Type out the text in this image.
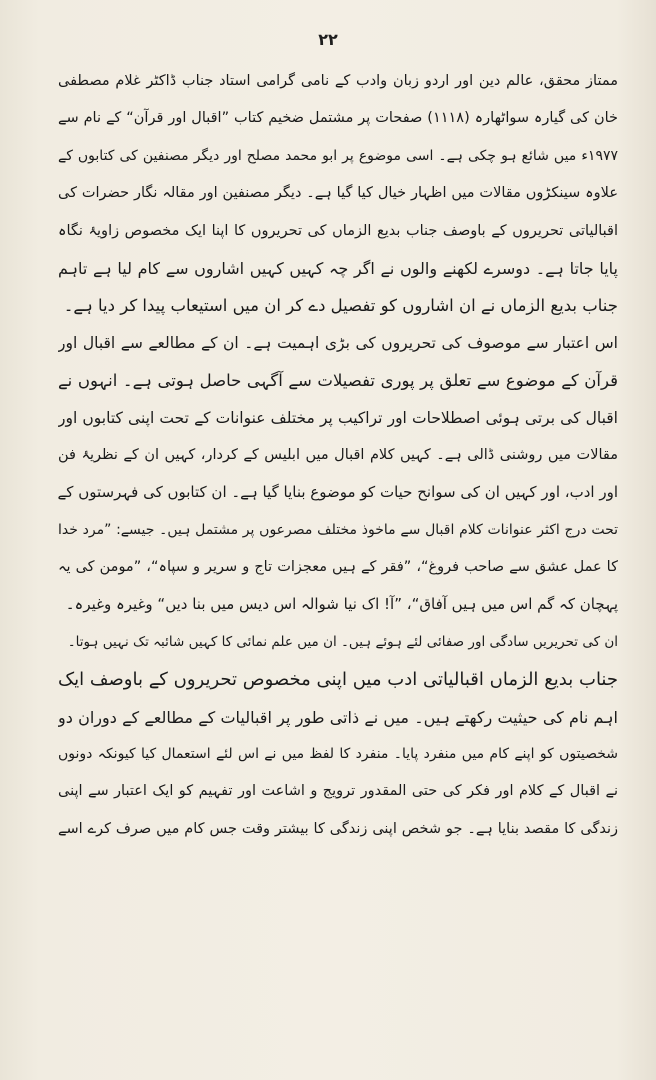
۲۲
ممتاز محقق، عالم دین اور اردو زبان وادب کے نامی گرامی استاد جناب ڈاکٹر غلام مصطفی
خان کی گیارہ سواٹھارہ (۱۱۱۸) صفحات پر مشتمل ضخیم کتاب ”اقبال اور قرآن“ کے نام سے
۱۹۷۷ء میں شائع ہو چکی ہے۔ اسی موضوع پر ابو محمد مصلح اور دیگر مصنفین کی کتابوں کے
علاوہ سینکڑوں مقالات میں اظہار خیال کیا گیا ہے۔ دیگر مصنفین اور مقالہ نگار حضرات کی
اقبالیاتی تحریروں کے باوصف جناب بدیع الزماں کی تحریروں کا اپنا ایک مخصوص زاویۂ نگاہ
پایا جاتا ہے۔ دوسرے لکھنے والوں نے اگر چہ کہیں کہیں اشاروں سے کام لیا ہے تاہم
جناب بدیع الزماں نے ان اشاروں کو تفصیل دے کر ان میں استیعاب پیدا کر دیا ہے۔
اس اعتبار سے موصوف کی تحریروں کی بڑی اہمیت ہے۔ ان کے مطالعے سے اقبال اور
قرآن کے موضوع سے تعلق پر پوری تفصیلات سے آگہی حاصل ہوتی ہے۔ انہوں نے
اقبال کی برتی ہوئی اصطلاحات اور تراکیب پر مختلف عنوانات کے تحت اپنی کتابوں اور
مقالات میں روشنی ڈالی ہے۔ کہیں کلام اقبال میں ابلیس کے کردار، کہیں ان کے نظریۂ فن
اور ادب، اور کہیں ان کی سوانح حیات کو موضوع بنایا گیا ہے۔ ان کتابوں کی فہرستوں کے
تحت درج اکثر عنوانات کلام اقبال سے ماخوذ مختلف مصرعوں پر مشتمل ہیں۔ جیسے: ”مرد خدا
کا عمل عشق سے صاحب فروغ“، ”فقر کے ہیں معجزات تاج و سریر و سپاہ“، ”مومن کی یہ
پہچان کہ گم اس میں ہیں آفاق“، ”آ! اک نیا شوالہ اس دیس میں بنا دیں“ وغیرہ وغیرہ۔
ان کی تحریریں سادگی اور صفائی لئے ہوئے ہیں۔ ان میں علم نمائی کا کہیں شائبہ تک نہیں ہوتا۔
جناب بدیع الزماں اقبالیاتی ادب میں اپنی مخصوص تحریروں کے باوصف ایک
اہم نام کی حیثیت رکھتے ہیں۔ میں نے ذاتی طور پر اقبالیات کے مطالعے کے دوران دو
شخصیتوں کو اپنے کام میں منفرد پایا۔ منفرد کا لفظ میں نے اس لئے استعمال کیا کیونکہ دونوں
نے اقبال کے کلام اور فکر کی حتی المقدور ترویج و اشاعت اور تفہیم کو ایک اعتبار سے اپنی
زندگی کا مقصد بنایا ہے۔ جو شخص اپنی زندگی کا بیشتر وقت جس کام میں صرف کرے اسے
